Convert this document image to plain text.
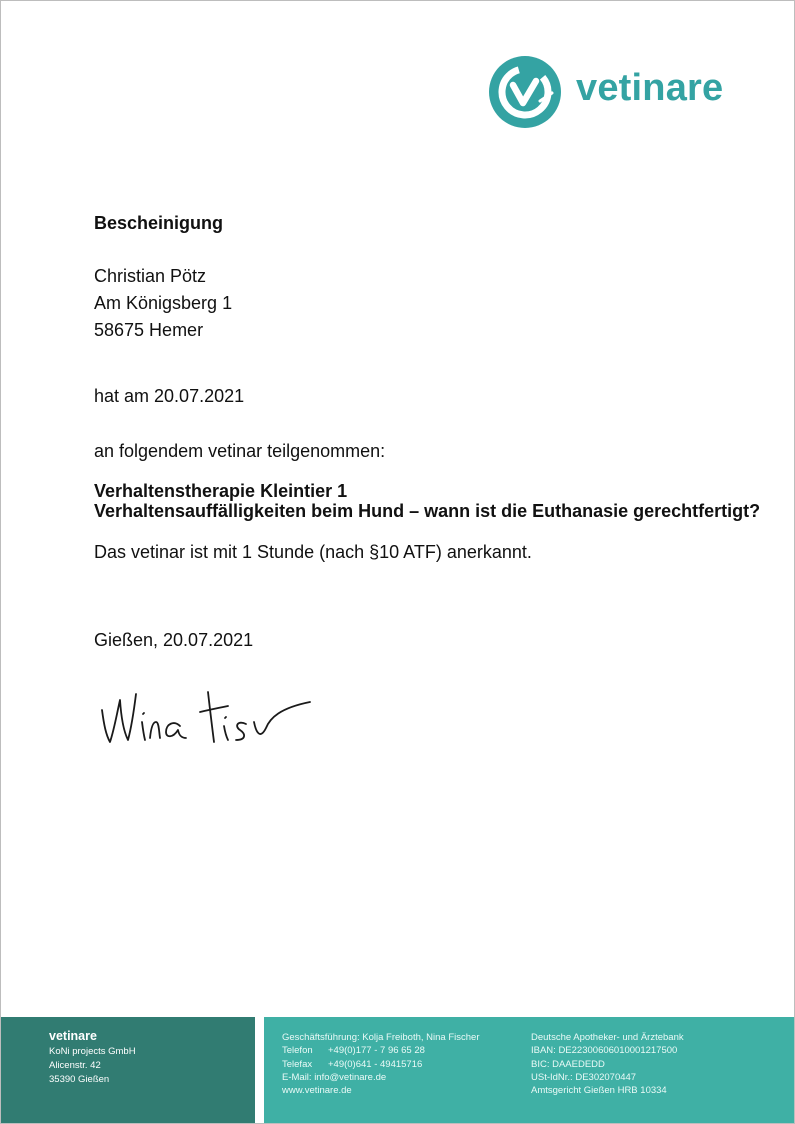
vetinare
Bescheinigung
Christian Pötz
Am Königsberg 1
58675 Hemer
hat am 20.07.2021
an folgendem vetinar teilgenommen:
Verhaltenstherapie Kleintier 1
Verhaltensauffälligkeiten beim Hund – wann ist die Euthanasie gerechtfertigt?
Das vetinar ist mit 1 Stunde (nach §10 ATF) anerkannt.
Gießen, 20.07.2021
vetinare
KoNi projects GmbH
Alicenstr. 42
35390 Gießen
Geschäftsführung: Kolja Freiboth, Nina Fischer
Telefon +49(0)177 - 7 96 65 28
Telefax +49(0)641 - 49415716
E-Mail: info@vetinare.de
www.vetinare.de
Deutsche Apotheker- und Ärztebank
IBAN: DE22300606010001217500
BIC: DAAEDEDD
USt-IdNr.: DE302070447
Amtsgericht Gießen HRB 10334
